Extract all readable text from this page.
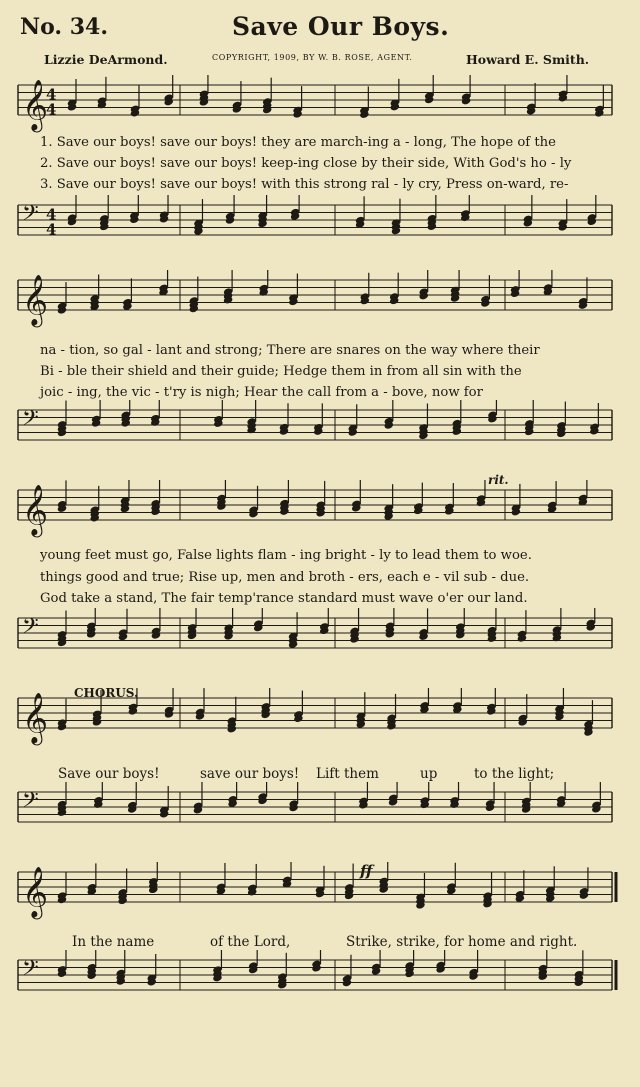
No. 34.	Save Our Boys.
Lizzie DeArmond.	COPYRIGHT, 1909, BY W. B. ROSE, AGENT.	Howard E. Smith.
𝄞
4
4
1. Save our boys! save our boys! they are march-ing a - long, The hope of the
2. Save our boys! save our boys! keep-ing close by their side, With God's ho - ly
3. Save our boys! save our boys! with this strong ral - ly cry, Press on-ward, re-
𝄢 4
4
𝄞
na - tion, so gal - lant and strong; There are snares on the way where their
Bi - ble their shield and their guide; Hedge them in from all sin with the
joic - ing, the vic - t'ry is nigh; Hear the call from a - bove, now for
𝄢
rit.
𝄞
young feet must go, False lights flam - ing bright - ly to lead them to woe.
things good and true; Rise up, men and broth - ers, each e - vil sub - due.
God take a stand, The fair temp'rance standard must wave o'er our land.
𝄢
CHORUS.
𝄞
Save our boys!	save our boys! Lift them	up	to the light;
𝄢
ff
𝄞
In the name	of the Lord,	Strike, strike, for home and right.
𝄢
